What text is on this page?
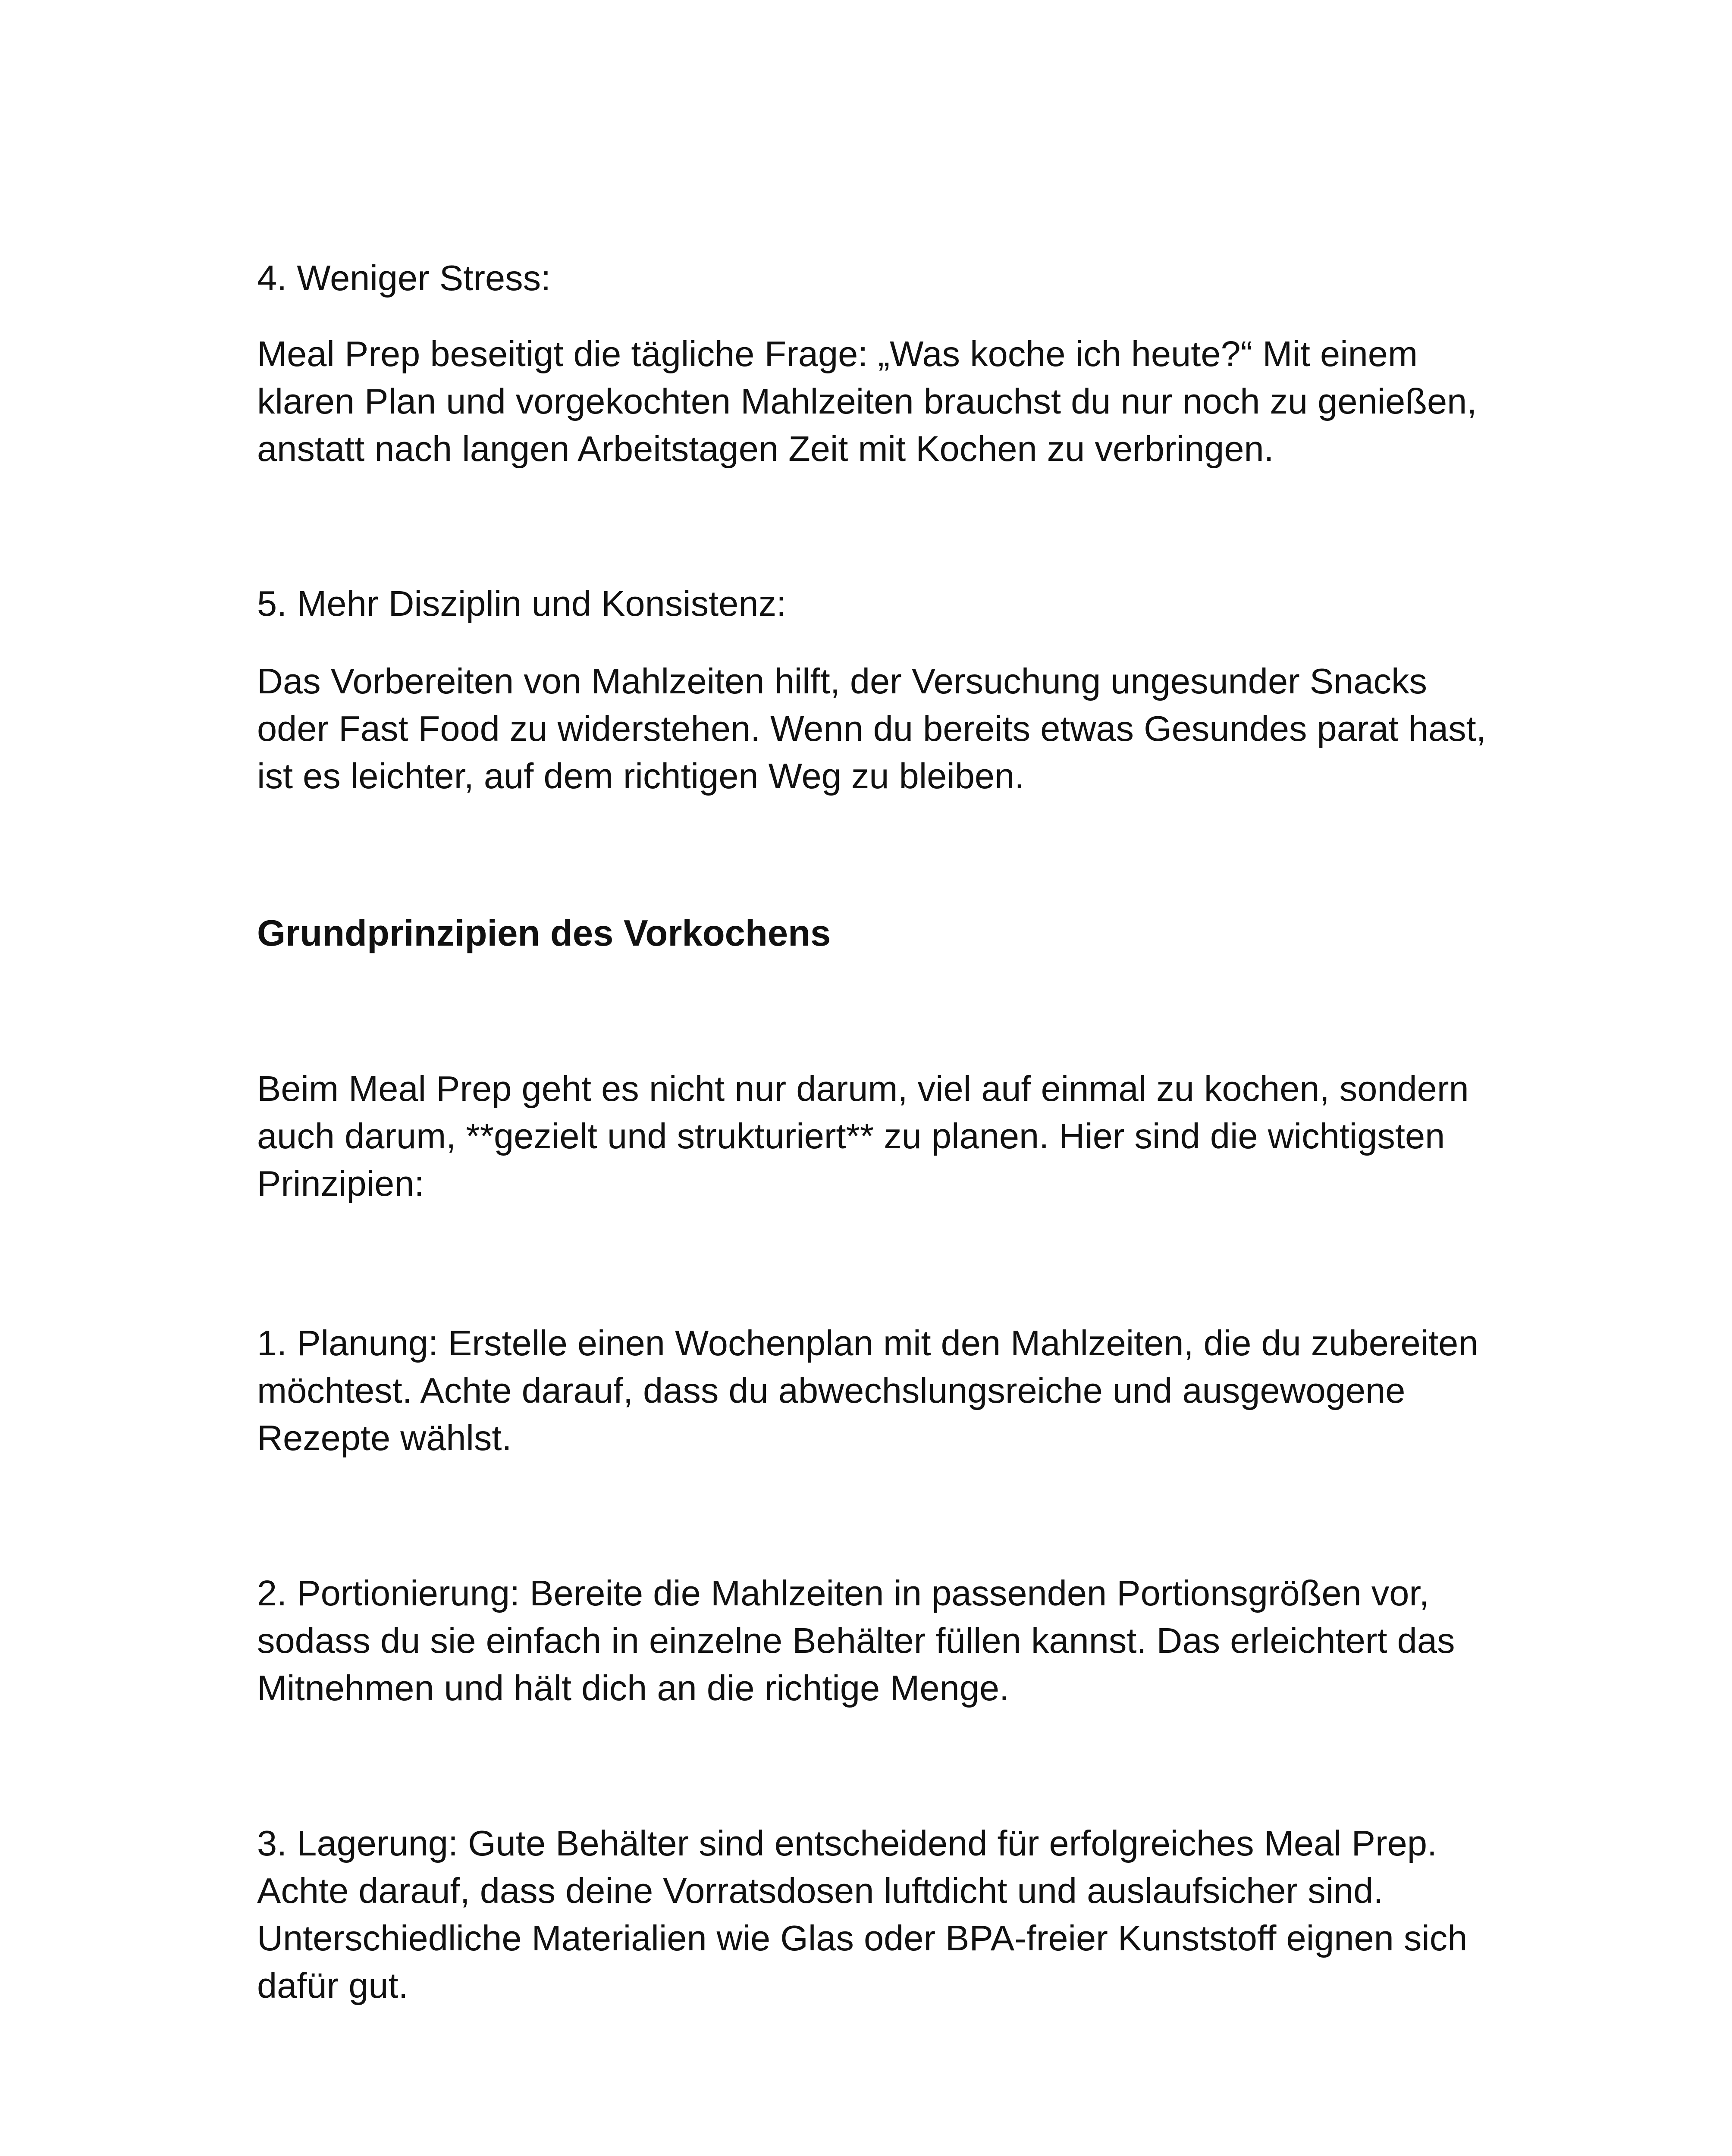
4. Weniger Stress:

Meal Prep beseitigt die tägliche Frage: „Was koche ich heute?“ Mit einem klaren Plan und vorgekochten Mahlzeiten brauchst du nur noch zu genießen, anstatt nach langen Arbeitstagen Zeit mit Kochen zu verbringen.

5. Mehr Disziplin und Konsistenz:

Das Vorbereiten von Mahlzeiten hilft, der Versuchung ungesunder Snacks oder Fast Food zu widerstehen. Wenn du bereits etwas Gesundes parat hast, ist es leichter, auf dem richtigen Weg zu bleiben.

Grundprinzipien des Vorkochens

Beim Meal Prep geht es nicht nur darum, viel auf einmal zu kochen, sondern auch darum, **gezielt und strukturiert** zu planen. Hier sind die wichtigsten Prinzipien:

1. Planung: Erstelle einen Wochenplan mit den Mahlzeiten, die du zubereiten möchtest. Achte darauf, dass du abwechslungsreiche und ausgewogene Rezepte wählst.

2. Portionierung: Bereite die Mahlzeiten in passenden Portionsgrößen vor, sodass du sie einfach in einzelne Behälter füllen kannst. Das erleichtert das Mitnehmen und hält dich an die richtige Menge.

3. Lagerung: Gute Behälter sind entscheidend für erfolgreiches Meal Prep. Achte darauf, dass deine Vorratsdosen luftdicht und auslaufsicher sind. Unterschiedliche Materialien wie Glas oder BPA-freier Kunststoff eignen sich dafür gut.
